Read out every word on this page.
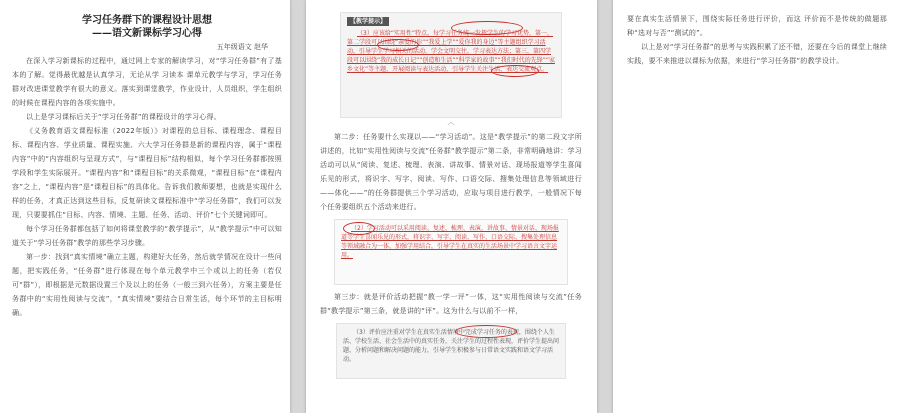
学习任务群下的课程设计思想

——语文新课标学习心得

五年级语文 赵华

在深入学习新课标的过程中，通过网上专家的解读学习，对“学习任务群”有了基本的了解。觉得最优越是认真学习，无论从学 习读本 课单元教学与学习，学习任务群对改进课堂教学有很大的意义。落实到课堂教学，作业设计，人员组织，学生组织的时候在课程内容的各项实施中。

以上是学习课标后关于“学习任务群”的课程设计的学习心得。

《义务教育语文课程标准（2022年版）》对课程的总目标、课程理念、课程目标、课程内容、学业质量、课程实施、六大学习任务群是新的课程内容，属于“课程内容”中的“内容组织与呈现方式”，与“课程目标”结构相似，每个学习任务群都按照学段和学生实际展开。“课程内容”和“课程目标”的关系微观，“课程目标”在“课程内容”之上，“课程内容”是“课程目标”的具体化。告诉我们教师要想，也就是实现什么样的任务，才真正达到这些目标，反复研读文课程标准中“学习任务群”，我们可以发现，只要要抓住“目标、内容、情境、主题、任务、活动、评价”七个关键词即可。

每个学习任务群都包括了如何将课堂教学的“教学提示”，从“教学提示”中可以知道关于“学习任务群”教学的那些学习步骤。

第一步：找到“真实情境”确立主题，构建好大任务，然后就学情况在设计一些问题，把实践任务，“任务群”进行体现在每个单元教学中三个或以上的任务（若仅可“群”），即根据是元数据设置三个及以上的任务（一般三到六任务），方案主要是任务群中的“实用性阅读与交流”，“真实情境”要结合日常生活，每个环节的主目标明确。

【教学提示】

（3）应该给“实用性”特点，每学习任务统一发挥学生的学习优势，第一，第二学段可以围绕“亲爱的你”“我爱上学”“爱你我的身边”等主题组织学习活动，引导学生学习相关的活动，学会文明交往，学习表达方法；第三，第四学段可以围绕“我的成长日记”“创造和生活”“科学家的故事”“我们时代的先锋”“家乡文化”等主题，开展阅读与表达活动，引导学生关注生活，表达交流观点。

︿

第二步：任务要什么实现以——“学习活动”。这是“教学提示”的第二段文字所讲述的，比如“实用性阅读与交流”任务群“教学提示”第二条，非常明确地讲：学习活动可以从“阅读、复述、梳理、表演、讲故事、情景对话、现场报道等学生喜闻乐见的形式，将识字、写字、阅读、写作、口语交际、搜集处理信息等领域进行——体化——”的任务群提供三个学习活动，应取与项目进行教学，一般情况下每个任务要组织五个活动来进行。

（2）学习活动可以采用阅读、复述、梳理、表演、讲故事、情景对话、现场报道等学生喜闻乐见的形式，将识字、写字、阅读、写作、口语交际、搜集处理信息等领域融合为一体，加强学用结合，引导学生在真实的生活场景中学习语言文字运用。

第三步：就是评价活动把握“教一学一评”一体，这“实用性阅读与交流”任务群“教学提示”第三条，就是讲的“评”。这为什么与以前不一样，

（3）评价应注重对学生在真实生活情境中完成学习任务的表现，围绕个人生活、学校生活、社会生活中的真实任务，关注学生的过程性表现，评价学生提出问题、分析问题和解决问题的能力，引导学生积极参与日常语文实践和语文学习活动。

要在真实生活情景下，围绕实际任务进行评价，而这 评价而不是传统的做题那种“选对与否”“测试的”。

以上是对“学习任务群”的思考与实践积累了还不错，还要在今后的课堂上继续实践，要不来推进以课标为依据，来进行“学习任务群”的教学设计。
